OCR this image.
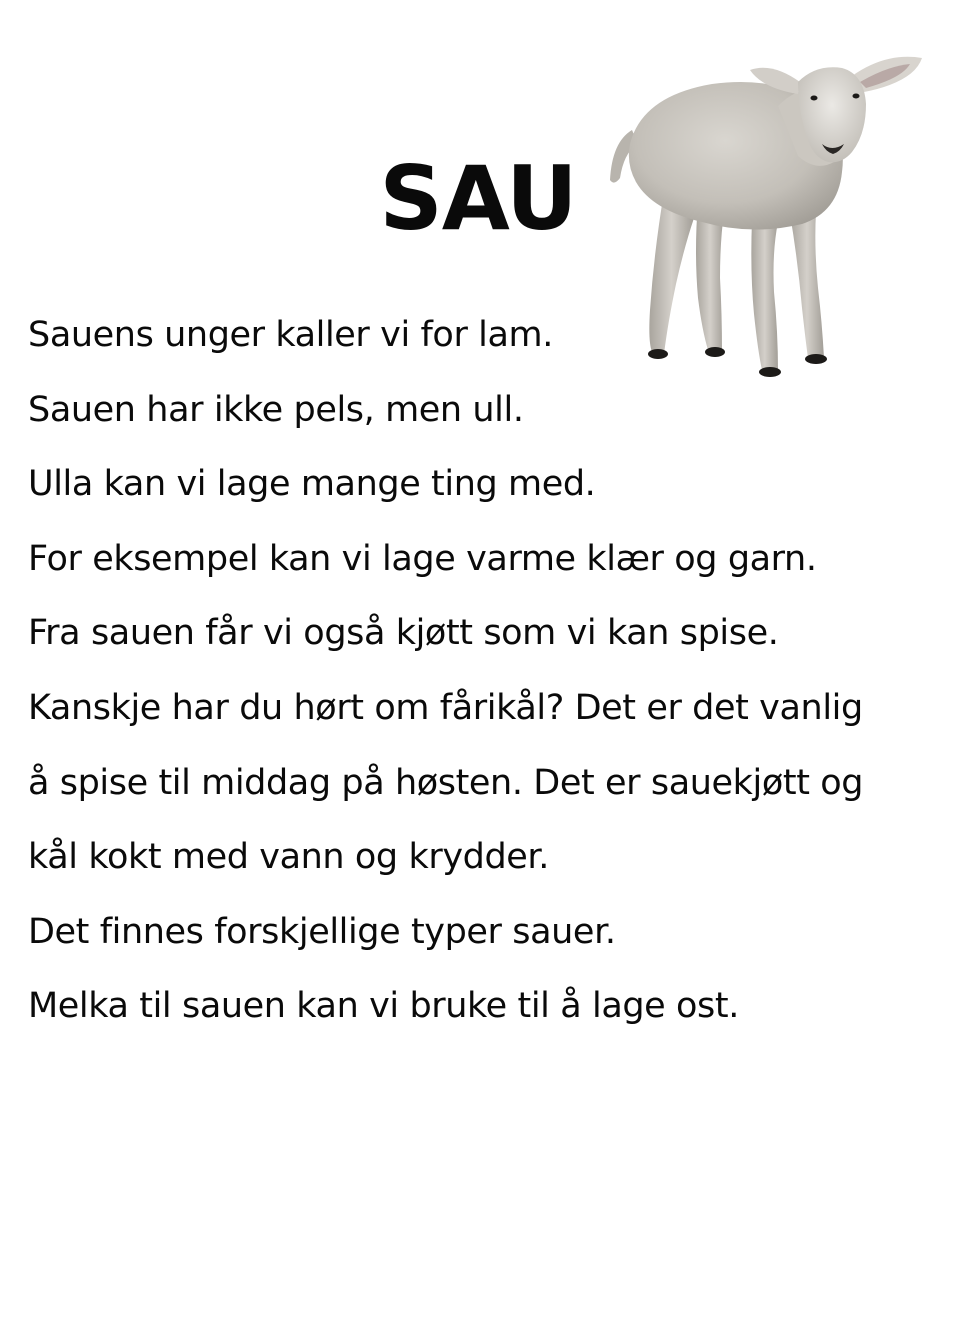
SAU
Sauens unger kaller vi for lam.
Sauen har ikke pels, men ull.
Ulla kan vi lage mange ting med.
For eksempel kan vi lage varme klær og garn.
Fra sauen får vi også kjøtt som vi kan spise.
Kanskje har du hørt om fårikål? Det er det vanlig
å spise til middag på høsten. Det er sauekjøtt og
kål kokt med vann og krydder.
Det finnes forskjellige typer sauer.
Melka til sauen kan vi bruke til å lage ost.
